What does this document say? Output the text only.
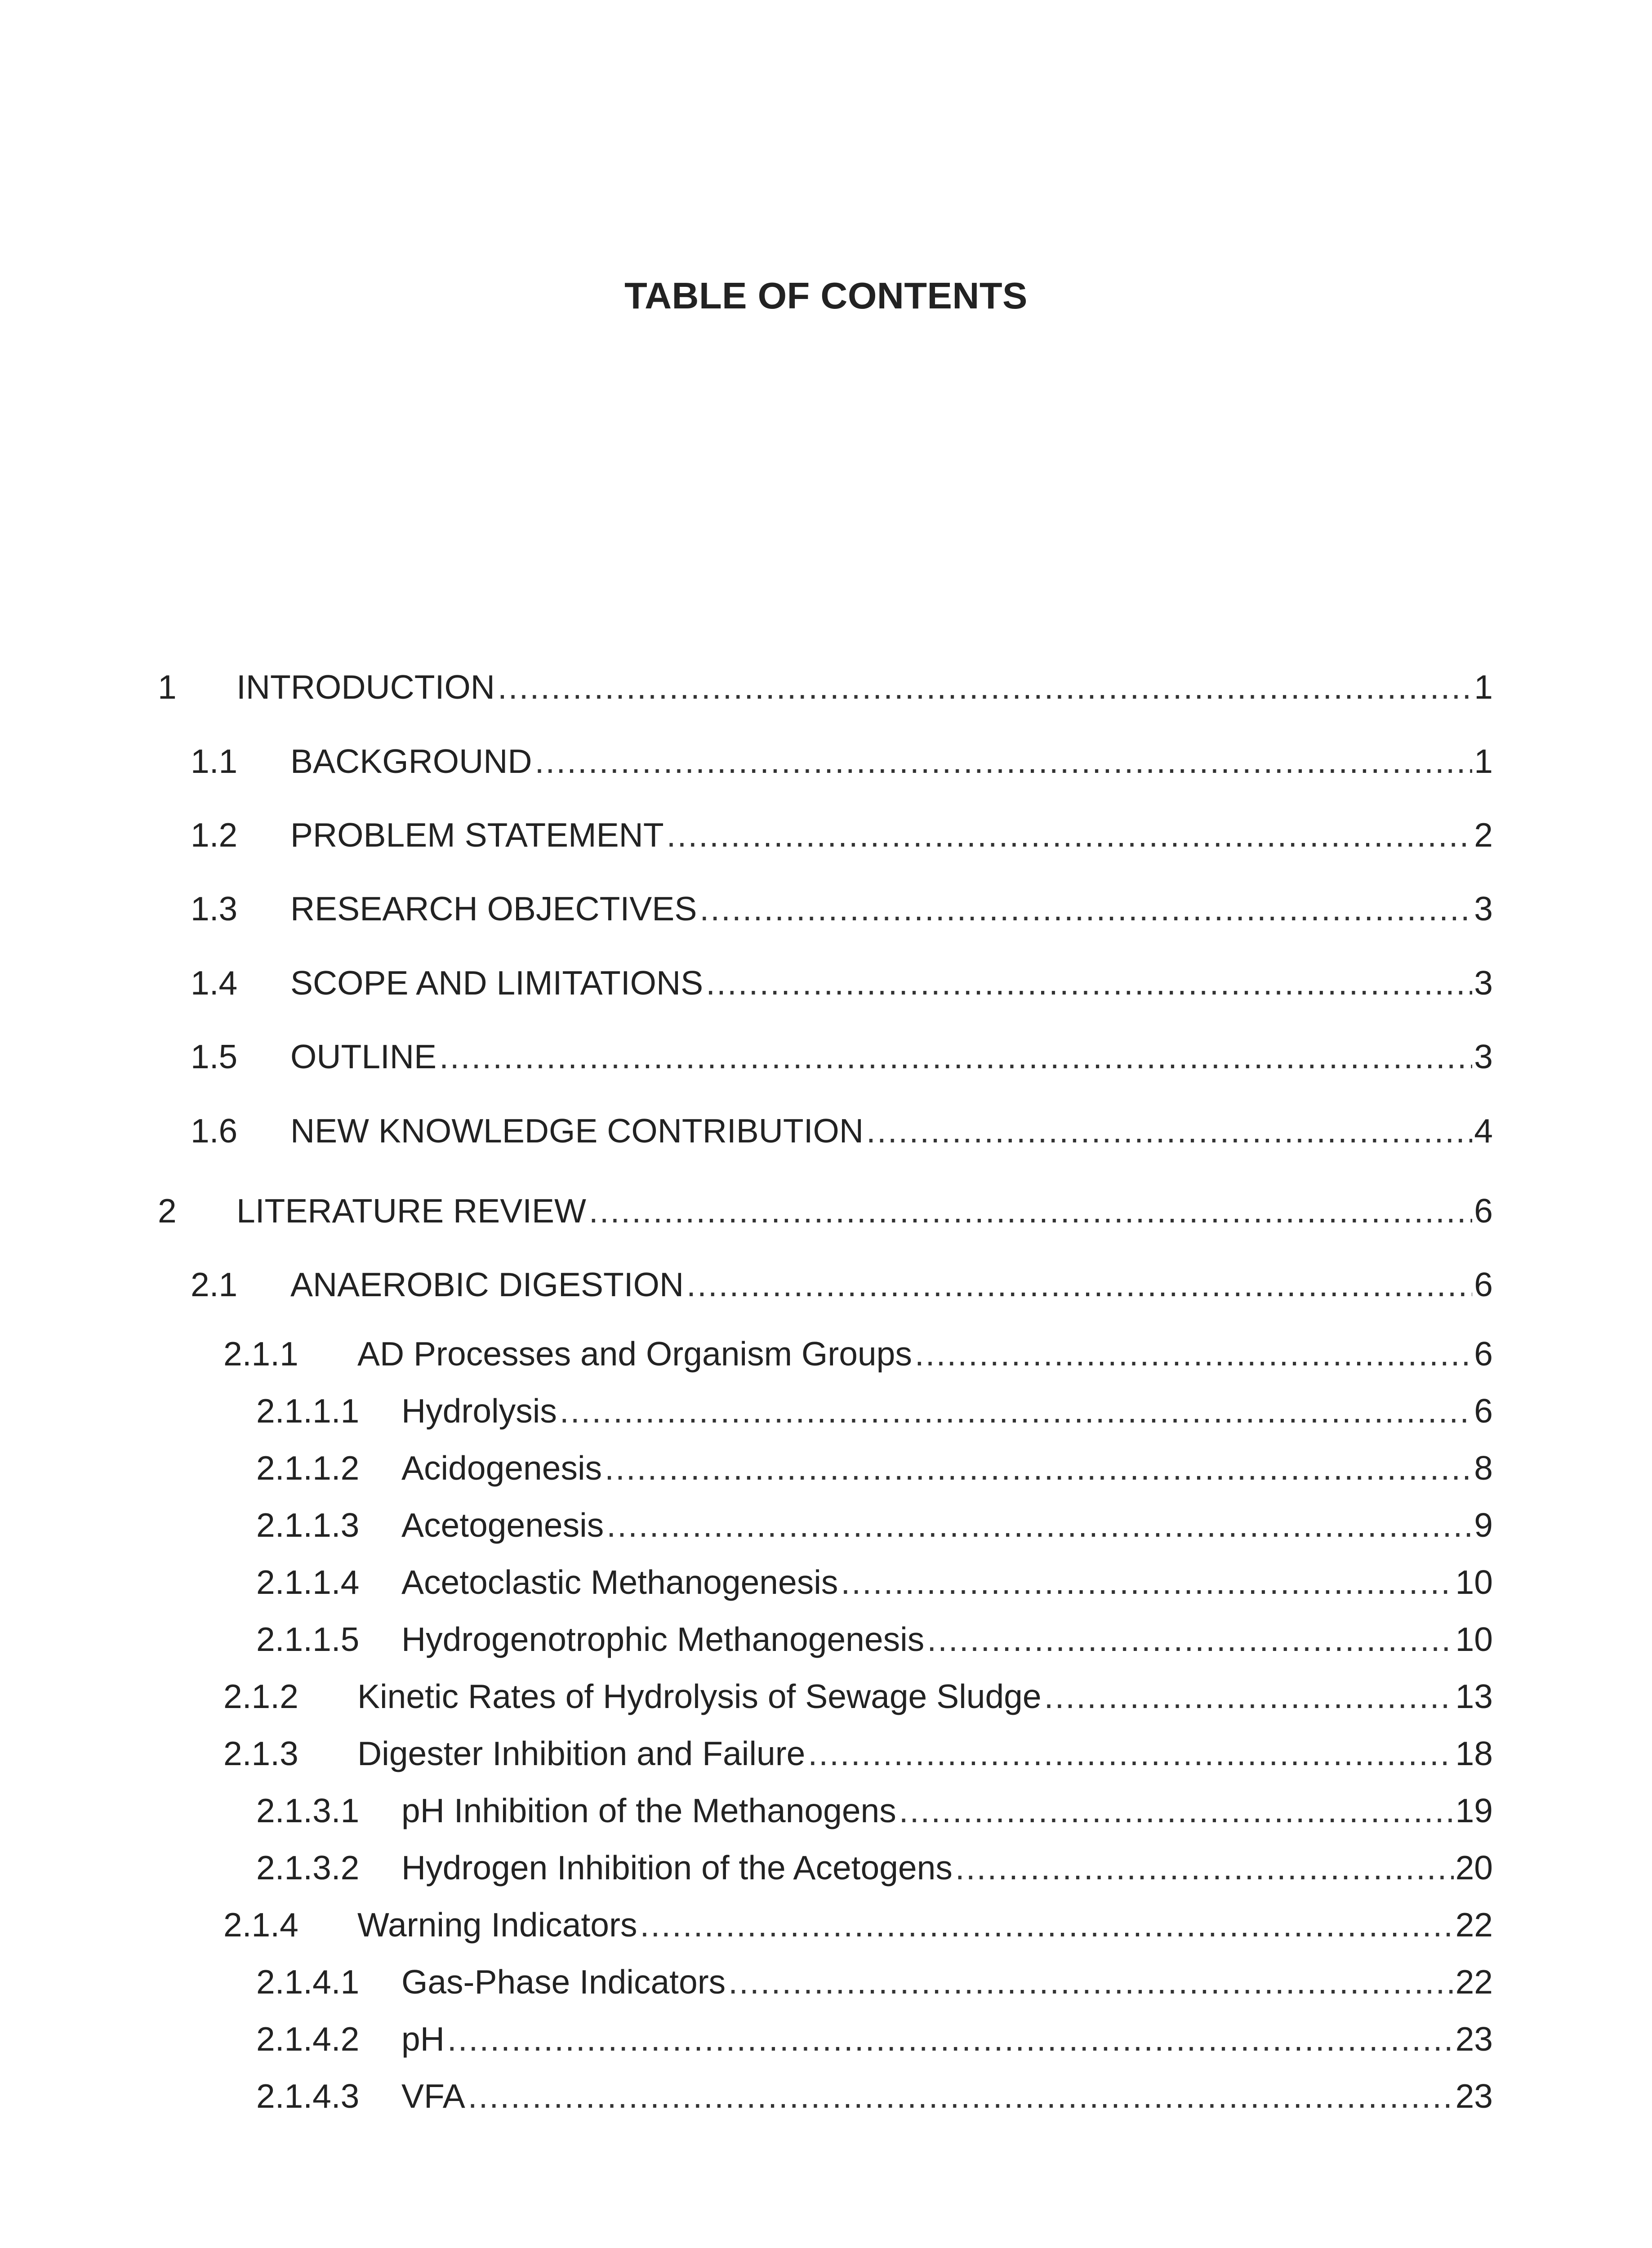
TABLE OF CONTENTS
1 INTRODUCTION .....	1
1.1 BACKGROUND .....	1
1.2 PROBLEM STATEMENT .....	2
1.3 RESEARCH OBJECTIVES .....	3
1.4 SCOPE AND LIMITATIONS .....	3
1.5 OUTLINE .....	3
1.6 NEW KNOWLEDGE CONTRIBUTION .....	4
2 LITERATURE REVIEW .....	6
2.1 ANAEROBIC DIGESTION .....	6
2.1.1 AD Processes and Organism Groups .....	6
2.1.1.1 Hydrolysis .....	6
2.1.1.2 Acidogenesis .....	8
2.1.1.3 Acetogenesis .....	9
2.1.1.4 Acetoclastic Methanogenesis .....	10
2.1.1.5 Hydrogenotrophic Methanogenesis .....	10
2.1.2 Kinetic Rates of Hydrolysis of Sewage Sludge .....	13
2.1.3 Digester Inhibition and Failure .....	18
2.1.3.1 pH Inhibition of the Methanogens .....	19
2.1.3.2 Hydrogen Inhibition of the Acetogens .....	20
2.1.4 Warning Indicators .....	22
2.1.4.1 Gas-Phase Indicators .....	22
2.1.4.2 pH .....	23
2.1.4.3 VFA .....	23
